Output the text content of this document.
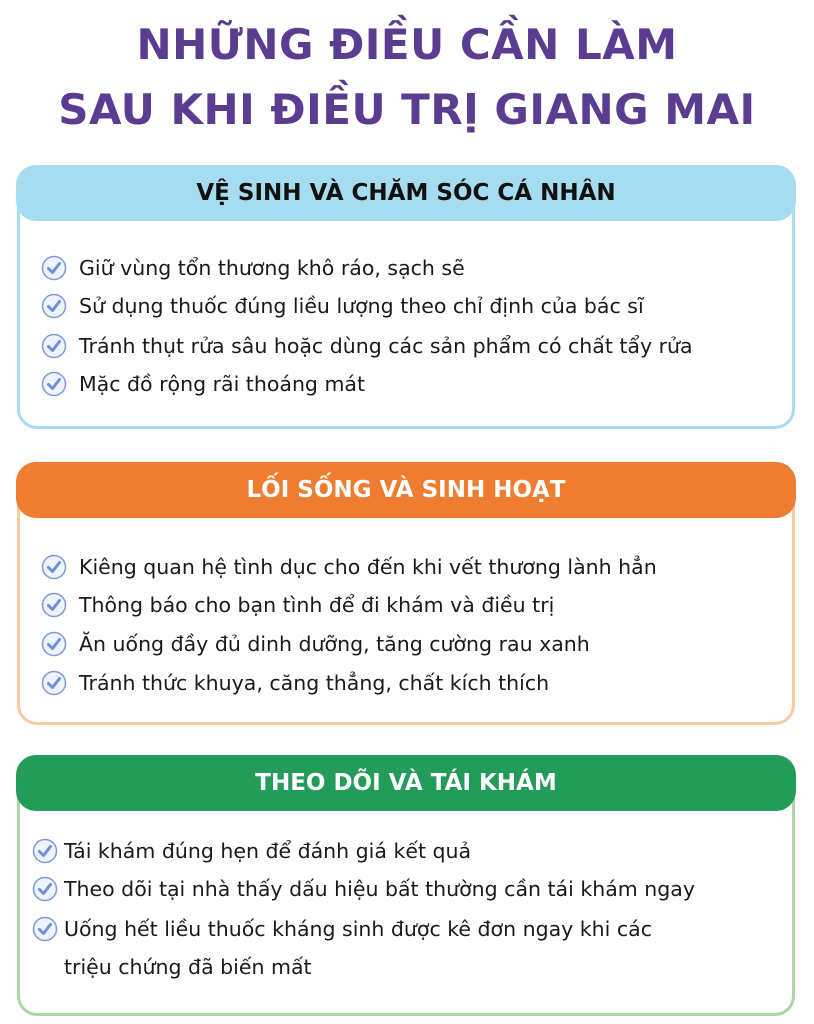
NHỮNG ĐIỀU CẦN LÀM
SAU KHI ĐIỀU TRỊ GIANG MAI
VỆ SINH VÀ CHĂM SÓC CÁ NHÂN
Giữ vùng tổn thương khô ráo, sạch sẽ
Sử dụng thuốc đúng liều lượng theo chỉ định của bác sĩ
Tránh thụt rửa sâu hoặc dùng các sản phẩm có chất tẩy rửa
Mặc đồ rộng rãi thoáng mát
LỐI SỐNG VÀ SINH HOẠT
Kiêng quan hệ tình dục cho đến khi vết thương lành hẳn
Thông báo cho bạn tình để đi khám và điều trị
Ăn uống đầy đủ dinh dưỡng, tăng cường rau xanh
Tránh thức khuya, căng thẳng, chất kích thích
THEO DÕI VÀ TÁI KHÁM
Tái khám đúng hẹn để đánh giá kết quả
Theo dõi tại nhà thấy dấu hiệu bất thường cần tái khám ngay
Uống hết liều thuốc kháng sinh được kê đơn ngay khi các
triệu chứng đã biến mất
